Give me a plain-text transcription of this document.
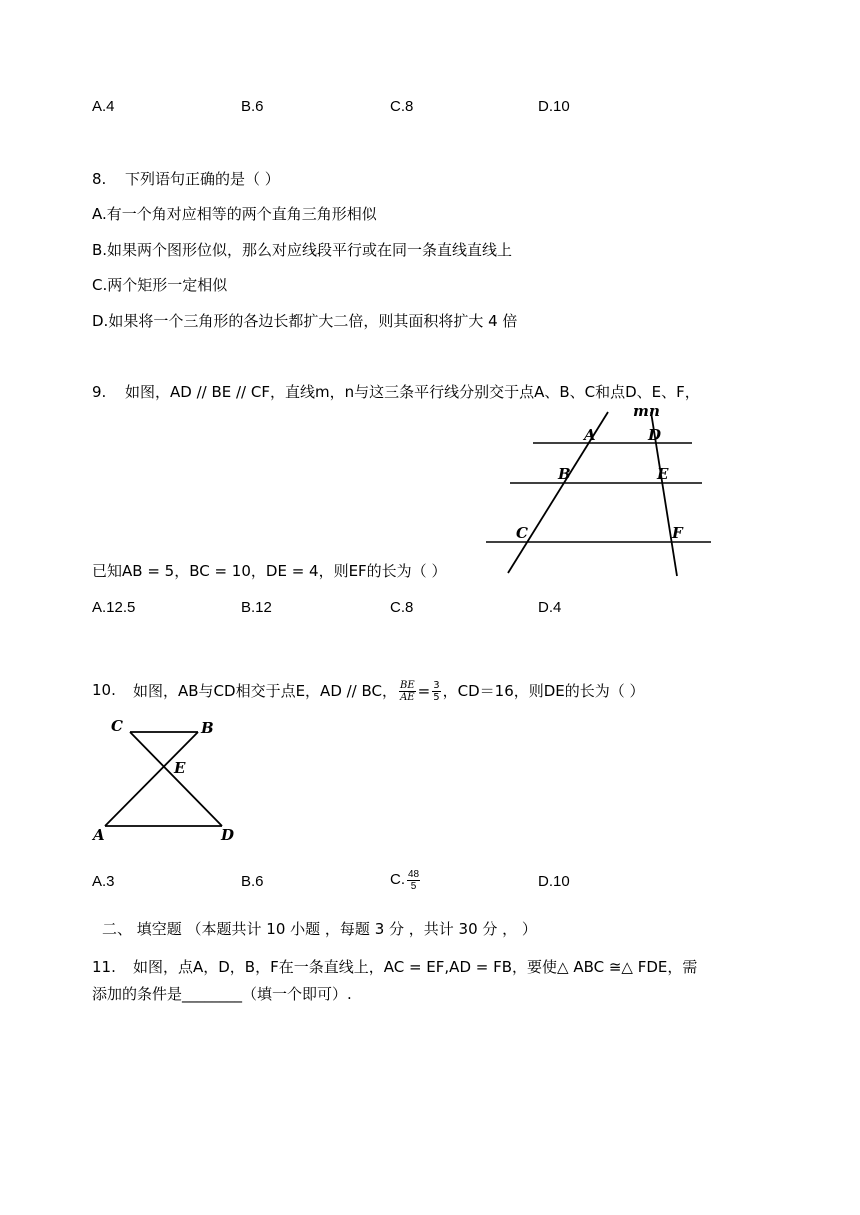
A.4	B.6	C.8	D.10
8. 下列语句正确的是（ ）
A.有一个角对应相等的两个直角三角形相似
B.如果两个图形位似，那么对应线段平行或在同一条直线直线上
C.两个矩形一定相似
D.如果将一个三角形的各边长都扩大二倍，则其面积将扩大 4 倍
9. 如图，AD // BE // CF，直线m，n与这三条平行线分别交于点A、B、C和点D、E、F，
m n
A	D
B	E
C	F
已知AB = 5，BC = 10，DE = 4，则EF的长为（ ）
A.12.5	B.12	C.8	D.4
10. 如图，AB与CD相交于点E，AD // BC， $\frac{BE}{AE} = \frac{3}{5}$ ，CD＝16，则DE的长为（ ）
C	B
E
A	D
A.3	B.6	C. $\frac{48}{5}$	D.10
二、 填空题 （本题共计 10 小题 ，每题 3 分 ，共计 30 分 ， ）
11. 如图，点A，D，B，F在一条直线上，AC = EF,AD = FB，要使△ ABC ≅△ FDE，需
添加的条件是________（填一个即可）.
